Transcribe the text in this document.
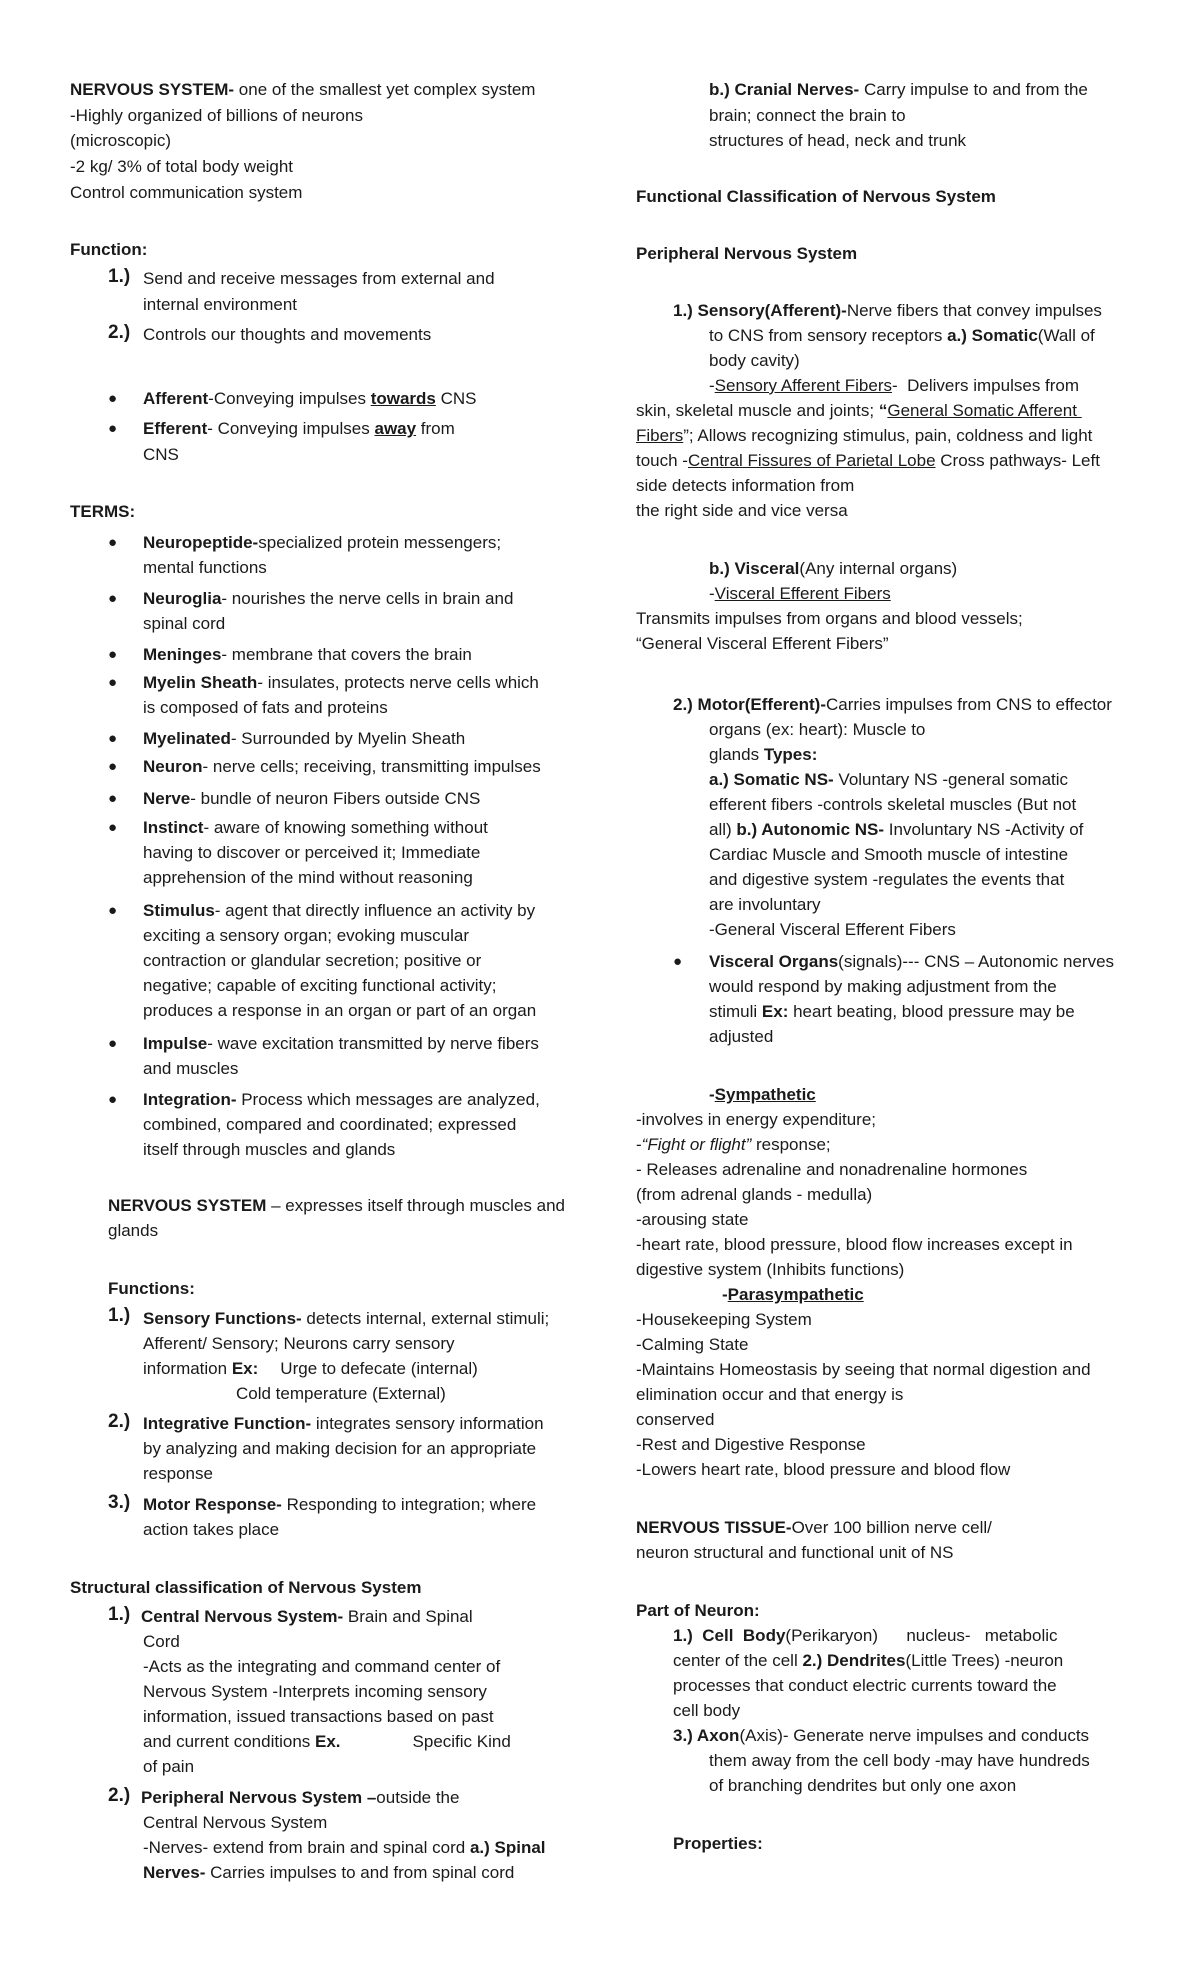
NERVOUS SYSTEM- one of the smallest yet complex system
-Highly organized of billions of neurons
(microscopic)
-2 kg/ 3% of total body weight
Control communication system
Function:
1.) Send and receive messages from external and
internal environment
2.) Controls our thoughts and movements
● Afferent-Conveying impulses towards CNS
● Efferent- Conveying impulses away from
CNS
TERMS:
● Neuropeptide-specialized protein messengers;
mental functions
● Neuroglia- nourishes the nerve cells in brain and
spinal cord
● Meninges- membrane that covers the brain
● Myelin Sheath- insulates, protects nerve cells which
is composed of fats and proteins
● Myelinated- Surrounded by Myelin Sheath
● Neuron- nerve cells; receiving, transmitting impulses
● Nerve- bundle of neuron Fibers outside CNS
● Instinct- aware of knowing something without
having to discover or perceived it; Immediate
apprehension of the mind without reasoning
● Stimulus- agent that directly influence an activity by
exciting a sensory organ; evoking muscular
contraction or glandular secretion; positive or
negative; capable of exciting functional activity;
produces a response in an organ or part of an organ
● Impulse- wave excitation transmitted by nerve fibers
and muscles
● Integration- Process which messages are analyzed,
combined, compared and coordinated; expressed
itself through muscles and glands
NERVOUS SYSTEM – expresses itself through muscles and
glands
Functions:
1.) Sensory Functions- detects internal, external stimuli;
Afferent/ Sensory; Neurons carry sensory
information Ex: Urge to defecate (internal)
Cold temperature (External)
2.) Integrative Function- integrates sensory information
by analyzing and making decision for an appropriate
response
3.) Motor Response- Responding to integration; where
action takes place
Structural classification of Nervous System
1.) Central Nervous System- Brain and Spinal
Cord
-Acts as the integrating and command center of
Nervous System -Interprets incoming sensory
information, issued transactions based on past
and current conditions Ex.	Specific Kind
of pain
2.) Peripheral Nervous System –outside the
Central Nervous System
-Nerves- extend from brain and spinal cord a.) Spinal
Nerves- Carries impulses to and from spinal cord
b.) Cranial Nerves- Carry impulse to and from the
brain; connect the brain to
structures of head, neck and trunk
Functional Classification of Nervous System
Peripheral Nervous System
1.) Sensory(Afferent)-Nerve fibers that convey impulses
to CNS from sensory receptors a.) Somatic(Wall of
body cavity)
-Sensory Afferent Fibers-  Delivers impulses from
skin, skeletal muscle and joints; “General Somatic Afferent
Fibers”; Allows recognizing stimulus, pain, coldness and light
touch -Central Fissures of Parietal Lobe Cross pathways- Left
side detects information from
the right side and vice versa
b.) Visceral(Any internal organs)
-Visceral Efferent Fibers
Transmits impulses from organs and blood vessels;
“General Visceral Efferent Fibers”
2.) Motor(Efferent)-Carries impulses from CNS to effector
organs (ex: heart): Muscle to
glands Types:
a.) Somatic NS- Voluntary NS -general somatic
efferent fibers -controls skeletal muscles (But not
all) b.) Autonomic NS- Involuntary NS -Activity of
Cardiac Muscle and Smooth muscle of intestine
and digestive system -regulates the events that
are involuntary
-General Visceral Efferent Fibers
● Visceral Organs(signals)--- CNS – Autonomic nerves
would respond by making adjustment from the
stimuli Ex: heart beating, blood pressure may be
adjusted
-Sympathetic
-involves in energy expenditure;
-“Fight or flight” response;
- Releases adrenaline and nonadrenaline hormones
(from adrenal glands - medulla)
-arousing state
-heart rate, blood pressure, blood flow increases except in
digestive system (Inhibits functions)
-Parasympathetic
-Housekeeping System
-Calming State
-Maintains Homeostasis by seeing that normal digestion and
elimination occur and that energy is
conserved
-Rest and Digestive Response
-Lowers heart rate, blood pressure and blood flow
NERVOUS TISSUE-Over 100 billion nerve cell/
neuron structural and functional unit of NS
Part of Neuron:
1.)  Cell  Body(Perikaryon)      nucleus-   metabolic
center of the cell 2.) Dendrites(Little Trees) -neuron
processes that conduct electric currents toward the
cell body
3.) Axon(Axis)- Generate nerve impulses and conducts
them away from the cell body -may have hundreds
of branching dendrites but only one axon
Properties:
